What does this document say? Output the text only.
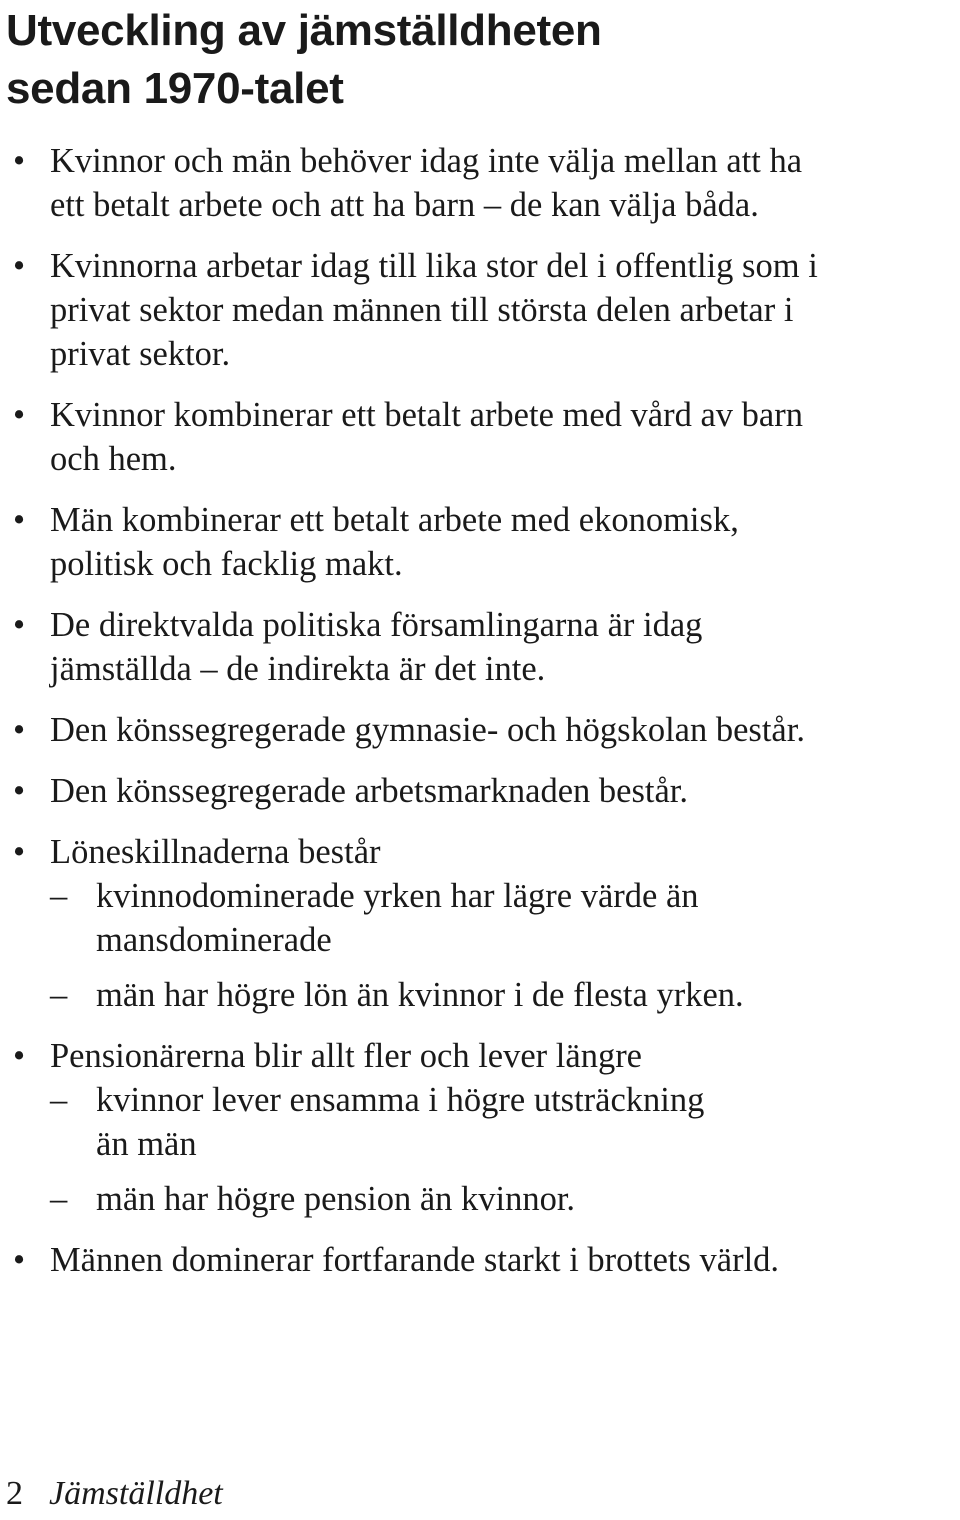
Utveckling av jämställdheten
sedan 1970-talet
• Kvinnor och män behöver idag inte välja mellan att ha
ett betalt arbete och att ha barn – de kan välja båda.
• Kvinnorna arbetar idag till lika stor del i offentlig som i
privat sektor medan männen till största delen arbetar i
privat sektor.
• Kvinnor kombinerar ett betalt arbete med vård av barn
och hem.
• Män kombinerar ett betalt arbete med ekonomisk,
politisk och facklig makt.
• De direktvalda politiska församlingarna är idag
jämställda – de indirekta är det inte.
• Den könssegregerade gymnasie- och högskolan består.
• Den könssegregerade arbetsmarknaden består.
• Löneskillnaderna består
– kvinnodominerade yrken har lägre värde än
mansdominerade
– män har högre lön än kvinnor i de flesta yrken.
• Pensionärerna blir allt fler och lever längre
– kvinnor lever ensamma i högre utsträckning
än män
– män har högre pension än kvinnor.
• Männen dominerar fortfarande starkt i brottets värld.
2 Jämställdhet
